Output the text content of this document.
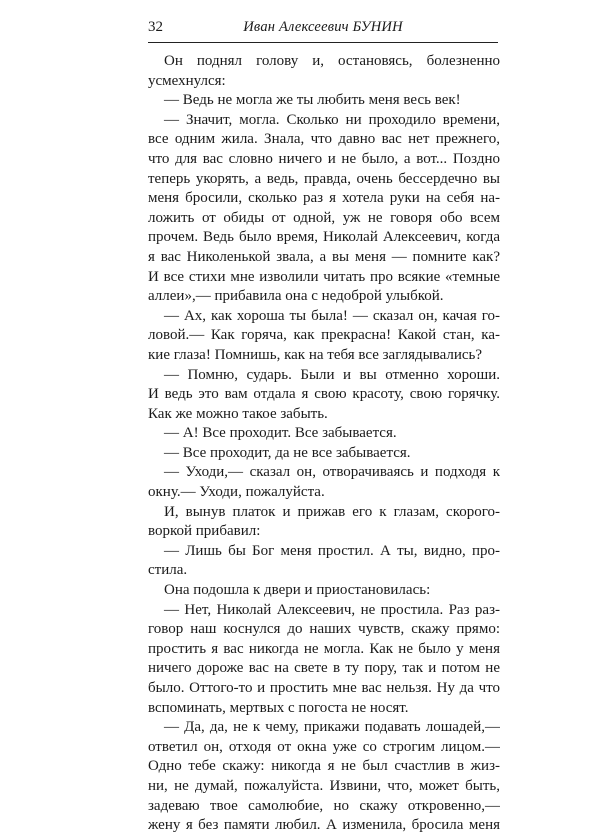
32	Иван Алексеевич БУНИН
Он поднял голову и, остановясь, болезненно
усмехнулся:
— Ведь не могла же ты любить меня весь век!
— Значит, могла. Сколько ни проходило времени,
все одним жила. Знала, что давно вас нет прежнего,
что для вас словно ничего и не было, а вот... Поздно
теперь укорять, а ведь, правда, очень бессердечно вы
меня бросили, сколько раз я хотела руки на себя на-
ложить от обиды от одной, уж не говоря обо всем
прочем. Ведь было время, Николай Алексеевич, когда
я вас Николенькой звала, а вы меня — помните как?
И все стихи мне изволили читать про всякие «темные
аллеи»,— прибавила она с недоброй улыбкой.
— Ах, как хороша ты была! — сказал он, качая го-
ловой.— Как горяча, как прекрасна! Какой стан, ка-
кие глаза! Помнишь, как на тебя все заглядывались?
— Помню, сударь. Были и вы отменно хороши.
И ведь это вам отдала я свою красоту, свою горячку.
Как же можно такое забыть.
— А! Все проходит. Все забывается.
— Все проходит, да не все забывается.
— Уходи,— сказал он, отворачиваясь и подходя к
окну.— Уходи, пожалуйста.
И, вынув платок и прижав его к глазам, скорого-
воркой прибавил:
— Лишь бы Бог меня простил. А ты, видно, про-
стила.
Она подошла к двери и приостановилась:
— Нет, Николай Алексеевич, не простила. Раз раз-
говор наш коснулся до наших чувств, скажу прямо:
простить я вас никогда не могла. Как не было у меня
ничего дороже вас на свете в ту пору, так и потом не
было. Оттого-то и простить мне вас нельзя. Ну да что
вспоминать, мертвых с погоста не носят.
— Да, да, не к чему, прикажи подавать лошадей,—
ответил он, отходя от окна уже со строгим лицом.—
Одно тебе скажу: никогда я не был счастлив в жиз-
ни, не думай, пожалуйста. Извини, что, может быть,
задеваю твое самолюбие, но скажу откровенно,—
жену я без памяти любил. А изменила, бросила меня
